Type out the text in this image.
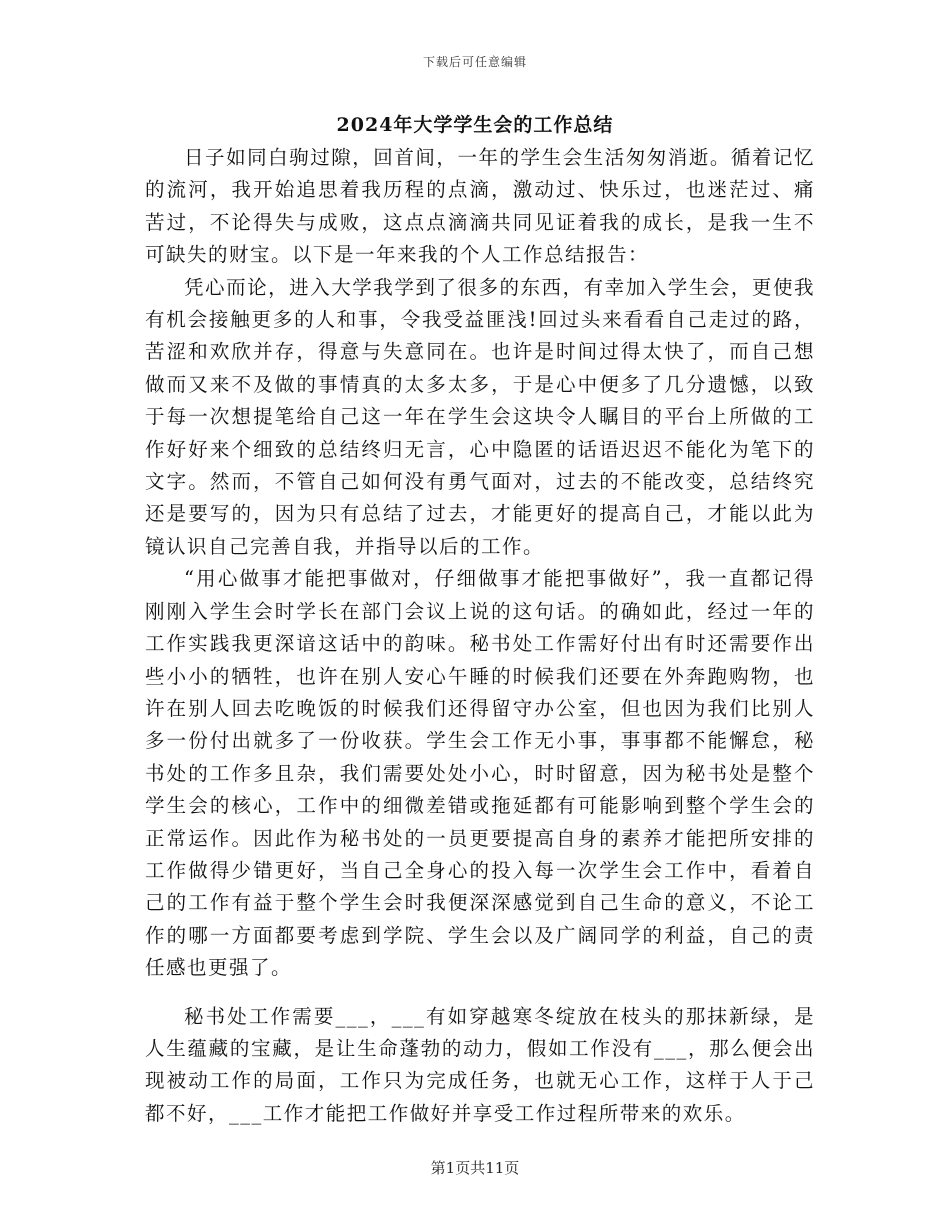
下载后可任意编辑
2024年大学学生会的工作总结

日子如同白驹过隙，回首间，一年的学生会生活匆匆消逝。循着记忆的流河，我开始追思着我历程的点滴，激动过、快乐过，也迷茫过、痛苦过，不论得失与成败，这点点滴滴共同见证着我的成长，是我一生不可缺失的财宝。以下是一年来我的个人工作总结报告：

凭心而论，进入大学我学到了很多的东西，有幸加入学生会，更使我有机会接触更多的人和事，令我受益匪浅!回过头来看看自己走过的路，苦涩和欢欣并存，得意与失意同在。也许是时间过得太快了，而自己想做而又来不及做的事情真的太多太多，于是心中便多了几分遗憾，以致于每一次想提笔给自己这一年在学生会这块令人瞩目的平台上所做的工作好好来个细致的总结终归无言，心中隐匿的话语迟迟不能化为笔下的文字。然而，不管自己如何没有勇气面对，过去的不能改变，总结终究还是要写的，因为只有总结了过去，才能更好的提高自己，才能以此为镜认识自己完善自我，并指导以后的工作。

“用心做事才能把事做对，仔细做事才能把事做好”，我一直都记得刚刚入学生会时学长在部门会议上说的这句话。的确如此，经过一年的工作实践我更深谙这话中的韵味。秘书处工作需好付出有时还需要作出些小小的牺牲，也许在别人安心午睡的时候我们还要在外奔跑购物，也许在别人回去吃晚饭的时候我们还得留守办公室，但也因为我们比别人多一份付出就多了一份收获。学生会工作无小事，事事都不能懈怠，秘书处的工作多且杂，我们需要处处小心，时时留意，因为秘书处是整个学生会的核心，工作中的细微差错或拖延都有可能影响到整个学生会的正常运作。因此作为秘书处的一员更要提高自身的素养才能把所安排的工作做得少错更好，当自己全身心的投入每一次学生会工作中，看着自己的工作有益于整个学生会时我便深深感觉到自己生命的意义，不论工作的哪一方面都要考虑到学院、学生会以及广阔同学的利益，自己的责任感也更强了。

秘书处工作需要___，___有如穿越寒冬绽放在枝头的那抹新绿，是人生蕴藏的宝藏，是让生命蓬勃的动力，假如工作没有___，那么便会出现被动工作的局面，工作只为完成任务，也就无心工作，这样于人于己都不好，___工作才能把工作做好并享受工作过程所带来的欢乐。

第1页共11页
